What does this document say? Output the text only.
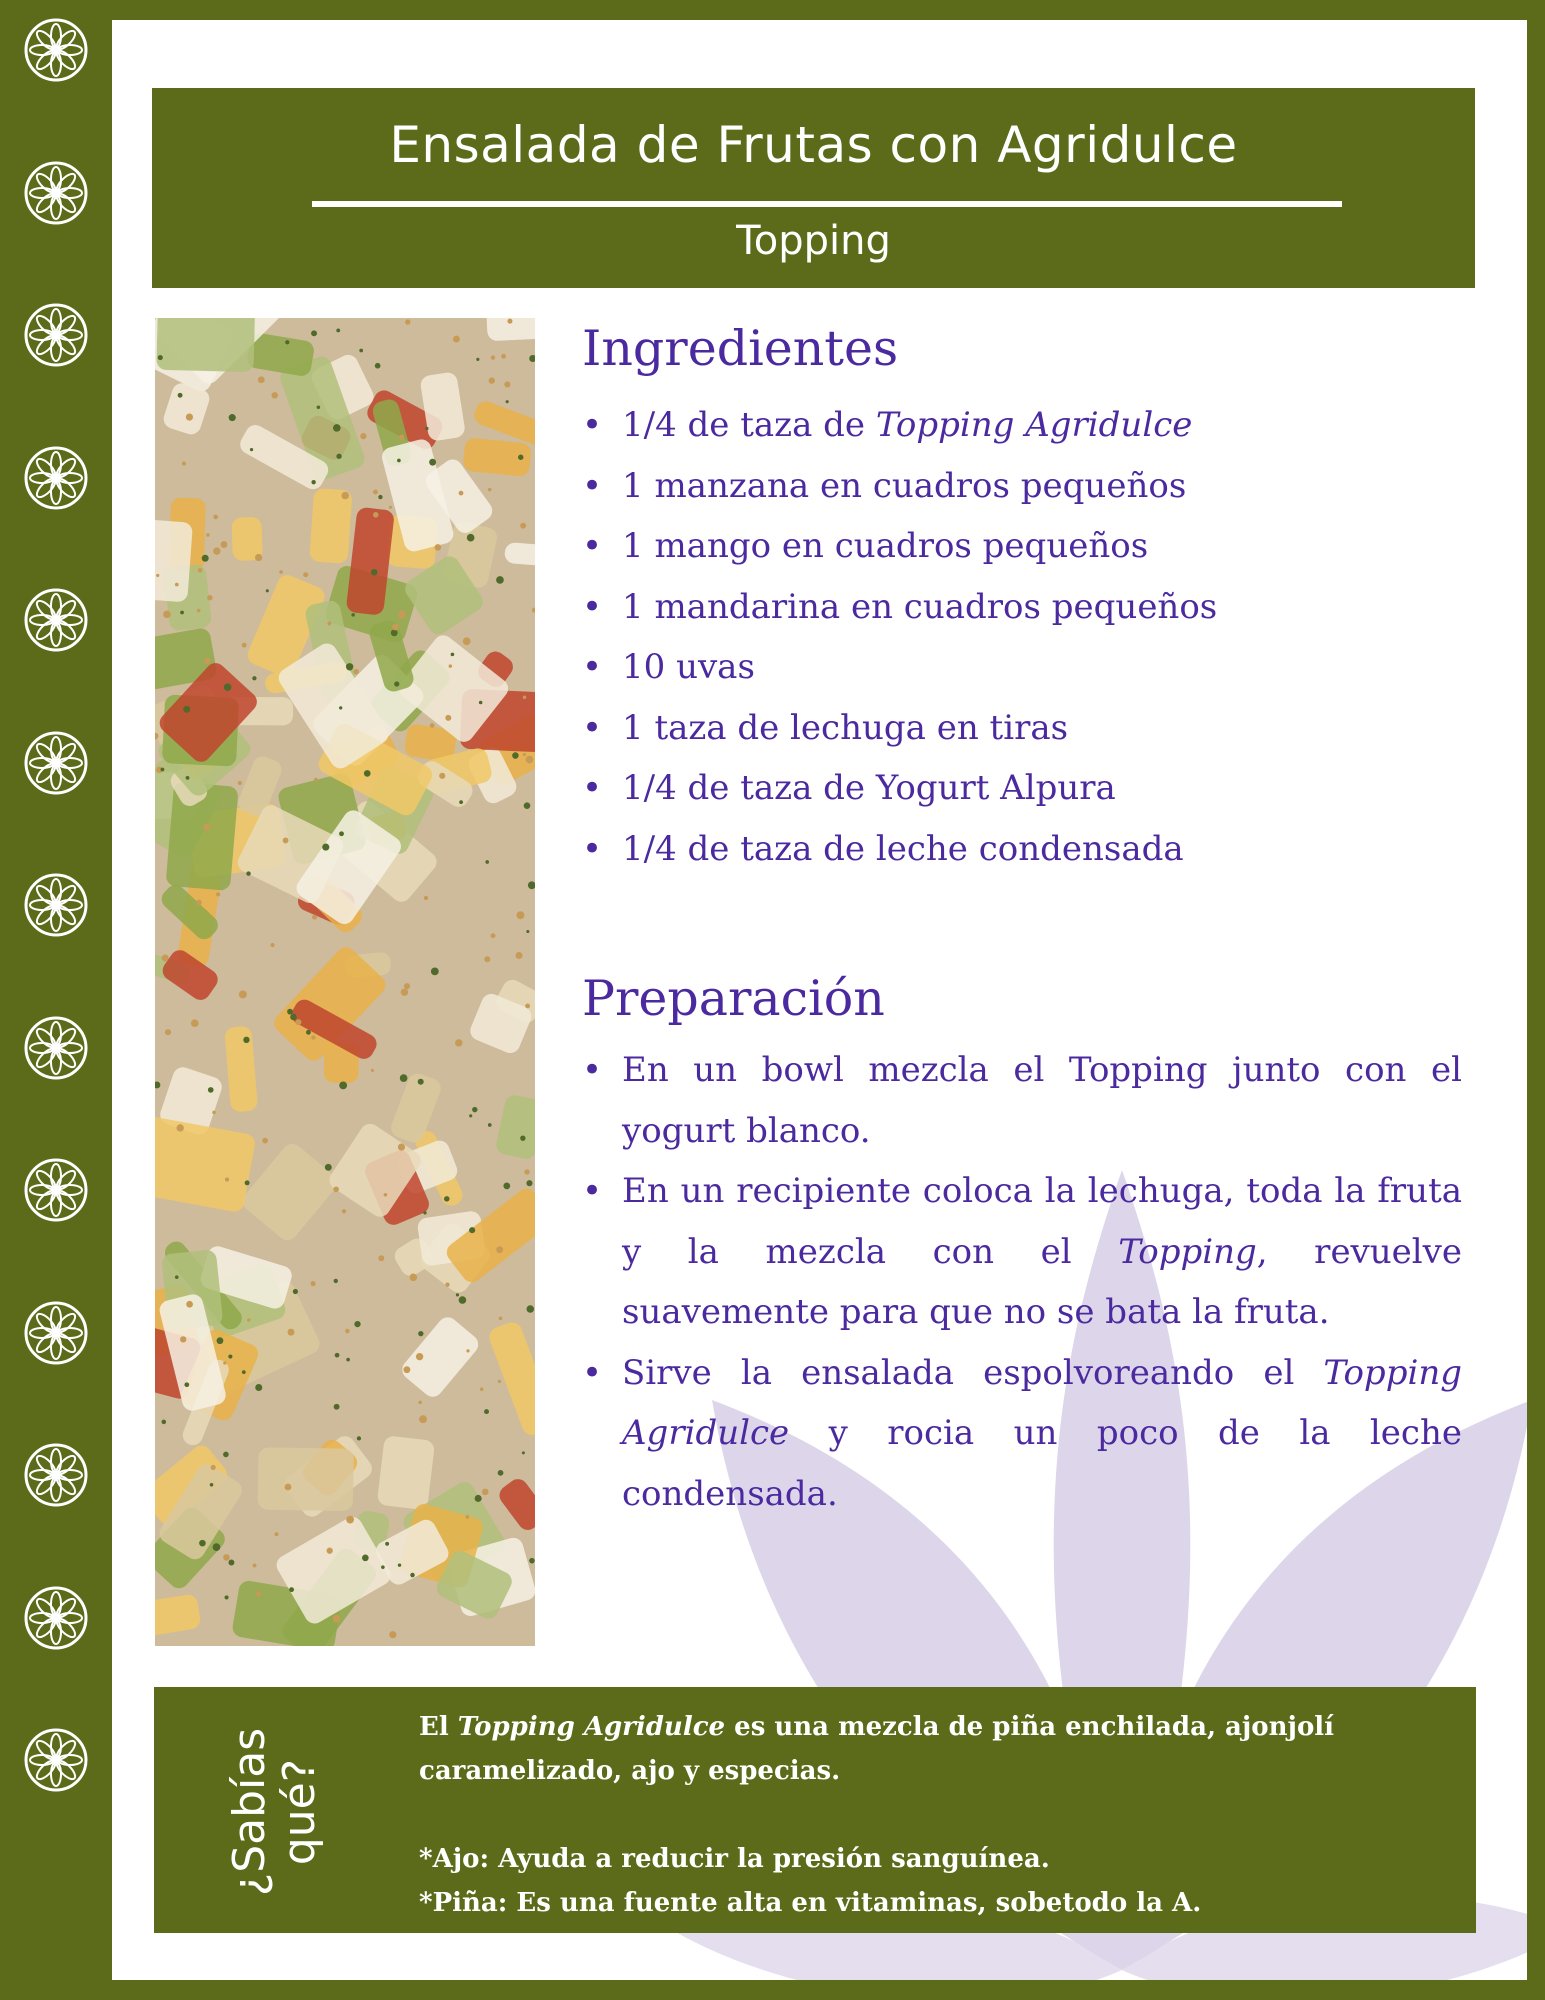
Ensalada de Frutas con Agridulce
Topping
Ingredientes
• 1/4 de taza de Topping Agridulce
• 1 manzana en cuadros pequeños
• 1 mango en cuadros pequeños
• 1 mandarina en cuadros pequeños
• 10 uvas
• 1 taza de lechuga en tiras
• 1/4 de taza de Yogurt Alpura
• 1/4 de taza de leche condensada
Preparación
• En un bowl mezcla el Topping junto con el yogurt blanco.
• En un recipiente coloca la lechuga, toda la fruta y la mezcla con el Topping, revuelve suavemente para que no se bata la fruta.
• Sirve la ensalada espolvoreando el Topping Agridulce y rocia un poco de la leche condensada.
¿Sabías qué?

El Topping Agridulce es una mezcla de piña enchilada, ajonjolí caramelizado, ajo y especias.

*Ajo: Ayuda a reducir la presión sanguínea.

*Piña: Es una fuente alta en vitaminas, sobetodo la A.
